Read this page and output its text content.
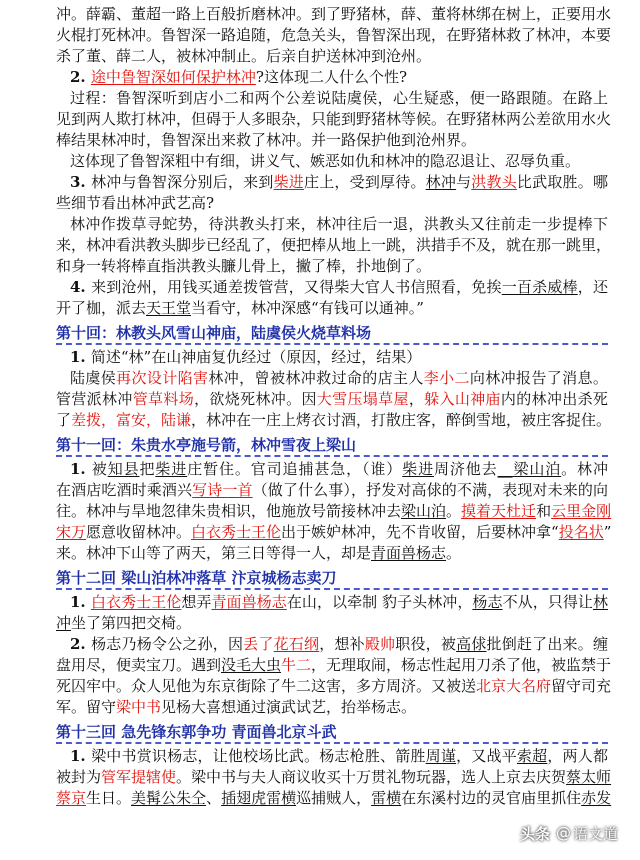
冲。薛霸、董超一路上百般折磨林冲。到了野猪林，薛、董将林绑在树上，正要用水
火棍打死林冲。鲁智深一路追随，危急关头，鲁智深出现，在野猪林救了林冲，本要
杀了董、薛二人，被林冲制止。后亲自护送林冲到沧州。
2. 途中鲁智深如何保护林冲?这体现二人什么个性?
过程：鲁智深听到店小二和两个公差说陆虞侯，心生疑惑，便一路跟随。在路上
见到两人欺打林冲，但碍于人多眼杂，只能到野猪林等候。在野猪林两公差欲用水火
棒结果林冲时，鲁智深出来救了林冲。并一路保护他到沧州界。
这体现了鲁智深粗中有细，讲义气、嫉恶如仇和林冲的隐忍退让、忍辱负重。
3. 林冲与鲁智深分别后，来到柴进庄上，受到厚待。林冲与洪教头比武取胜。哪
些细节看出林冲武艺高?
林冲作拨草寻蛇势，待洪教头打来，林冲往后一退，洪教头又往前走一步提棒下
来，林冲看洪教头脚步已经乱了，便把棒从地上一跳，洪措手不及，就在那一跳里，
和身一转将棒直指洪教头臁儿骨上，撇了棒，扑地倒了。
4. 来到沧州，用钱买通差拨管营，又得柴大官人书信照看，免挨一百杀威棒，还
开了枷，派去天王堂当看守，林冲深感“有钱可以通神。”
第十回：林教头风雪山神庙，陆虞侯火烧草料场
1. 简述“林”在山神庙复仇经过（原因，经过，结果）
陆虞侯再次设计陷害林冲，曾被林冲救过命的店主人李小二向林冲报告了消息。
管营派林冲管草料场，欲烧死林冲。因大雪压塌草屋，躲入山神庙内的林冲出杀死
了差拨，富安，陆谦，林冲在一庄上烤衣讨酒，打散庄客，醉倒雪地，被庄客捉住。
第十一回：朱贵水亭施号箭，林冲雪夜上梁山
1. 被知县把柴进庄暂住。官司追捕甚急，（谁）柴进周济他去__梁山泊。林冲
在酒店吃酒时乘酒兴写诗一首（做了什么事），抒发对高俅的不满，表现对未来的向
往。林冲与旱地忽律朱贵相识，他施放号箭接林冲去梁山泊。摸着天杜迁和云里金刚
宋万愿意收留林冲。白衣秀士王伦出于嫉妒林冲，先不肯收留，后要林冲拿“投名状”
来。林冲下山等了两天，第三日等得一人，却是青面兽杨志。
第十二回 梁山泊林冲落草 汴京城杨志卖刀
1. 白衣秀士王伦想弄青面兽杨志在山，以牵制 豹子头林冲，杨志不从，只得让林
冲坐了第四把交椅。
2. 杨志乃杨令公之孙，因丢了花石纲，想补殿帅职役，被高俅批倒赶了出来。缠
盘用尽，便卖宝刀。遇到没毛大虫牛二，无理取闹，杨志性起用刀杀了他，被监禁于
死囚牢中。众人见他为东京街除了牛二这害，多方周济。又被送北京大名府留守司充
军。留守梁中书见杨大喜想通过演武试艺，抬举杨志。
第十三回 急先锋东郭争功 青面兽北京斗武
1. 梁中书赏识杨志，让他校场比武。杨志枪胜、箭胜周谨，又战平索超，两人都
被封为管军提辖使。梁中书与夫人商议收买十万贯礼物玩器，选人上京去庆贺蔡太师
蔡京生日。美髯公朱仝、插翅虎雷横巡捕贼人，雷横在东溪村边的灵官庙里抓住赤发
头条 @ 语文道
